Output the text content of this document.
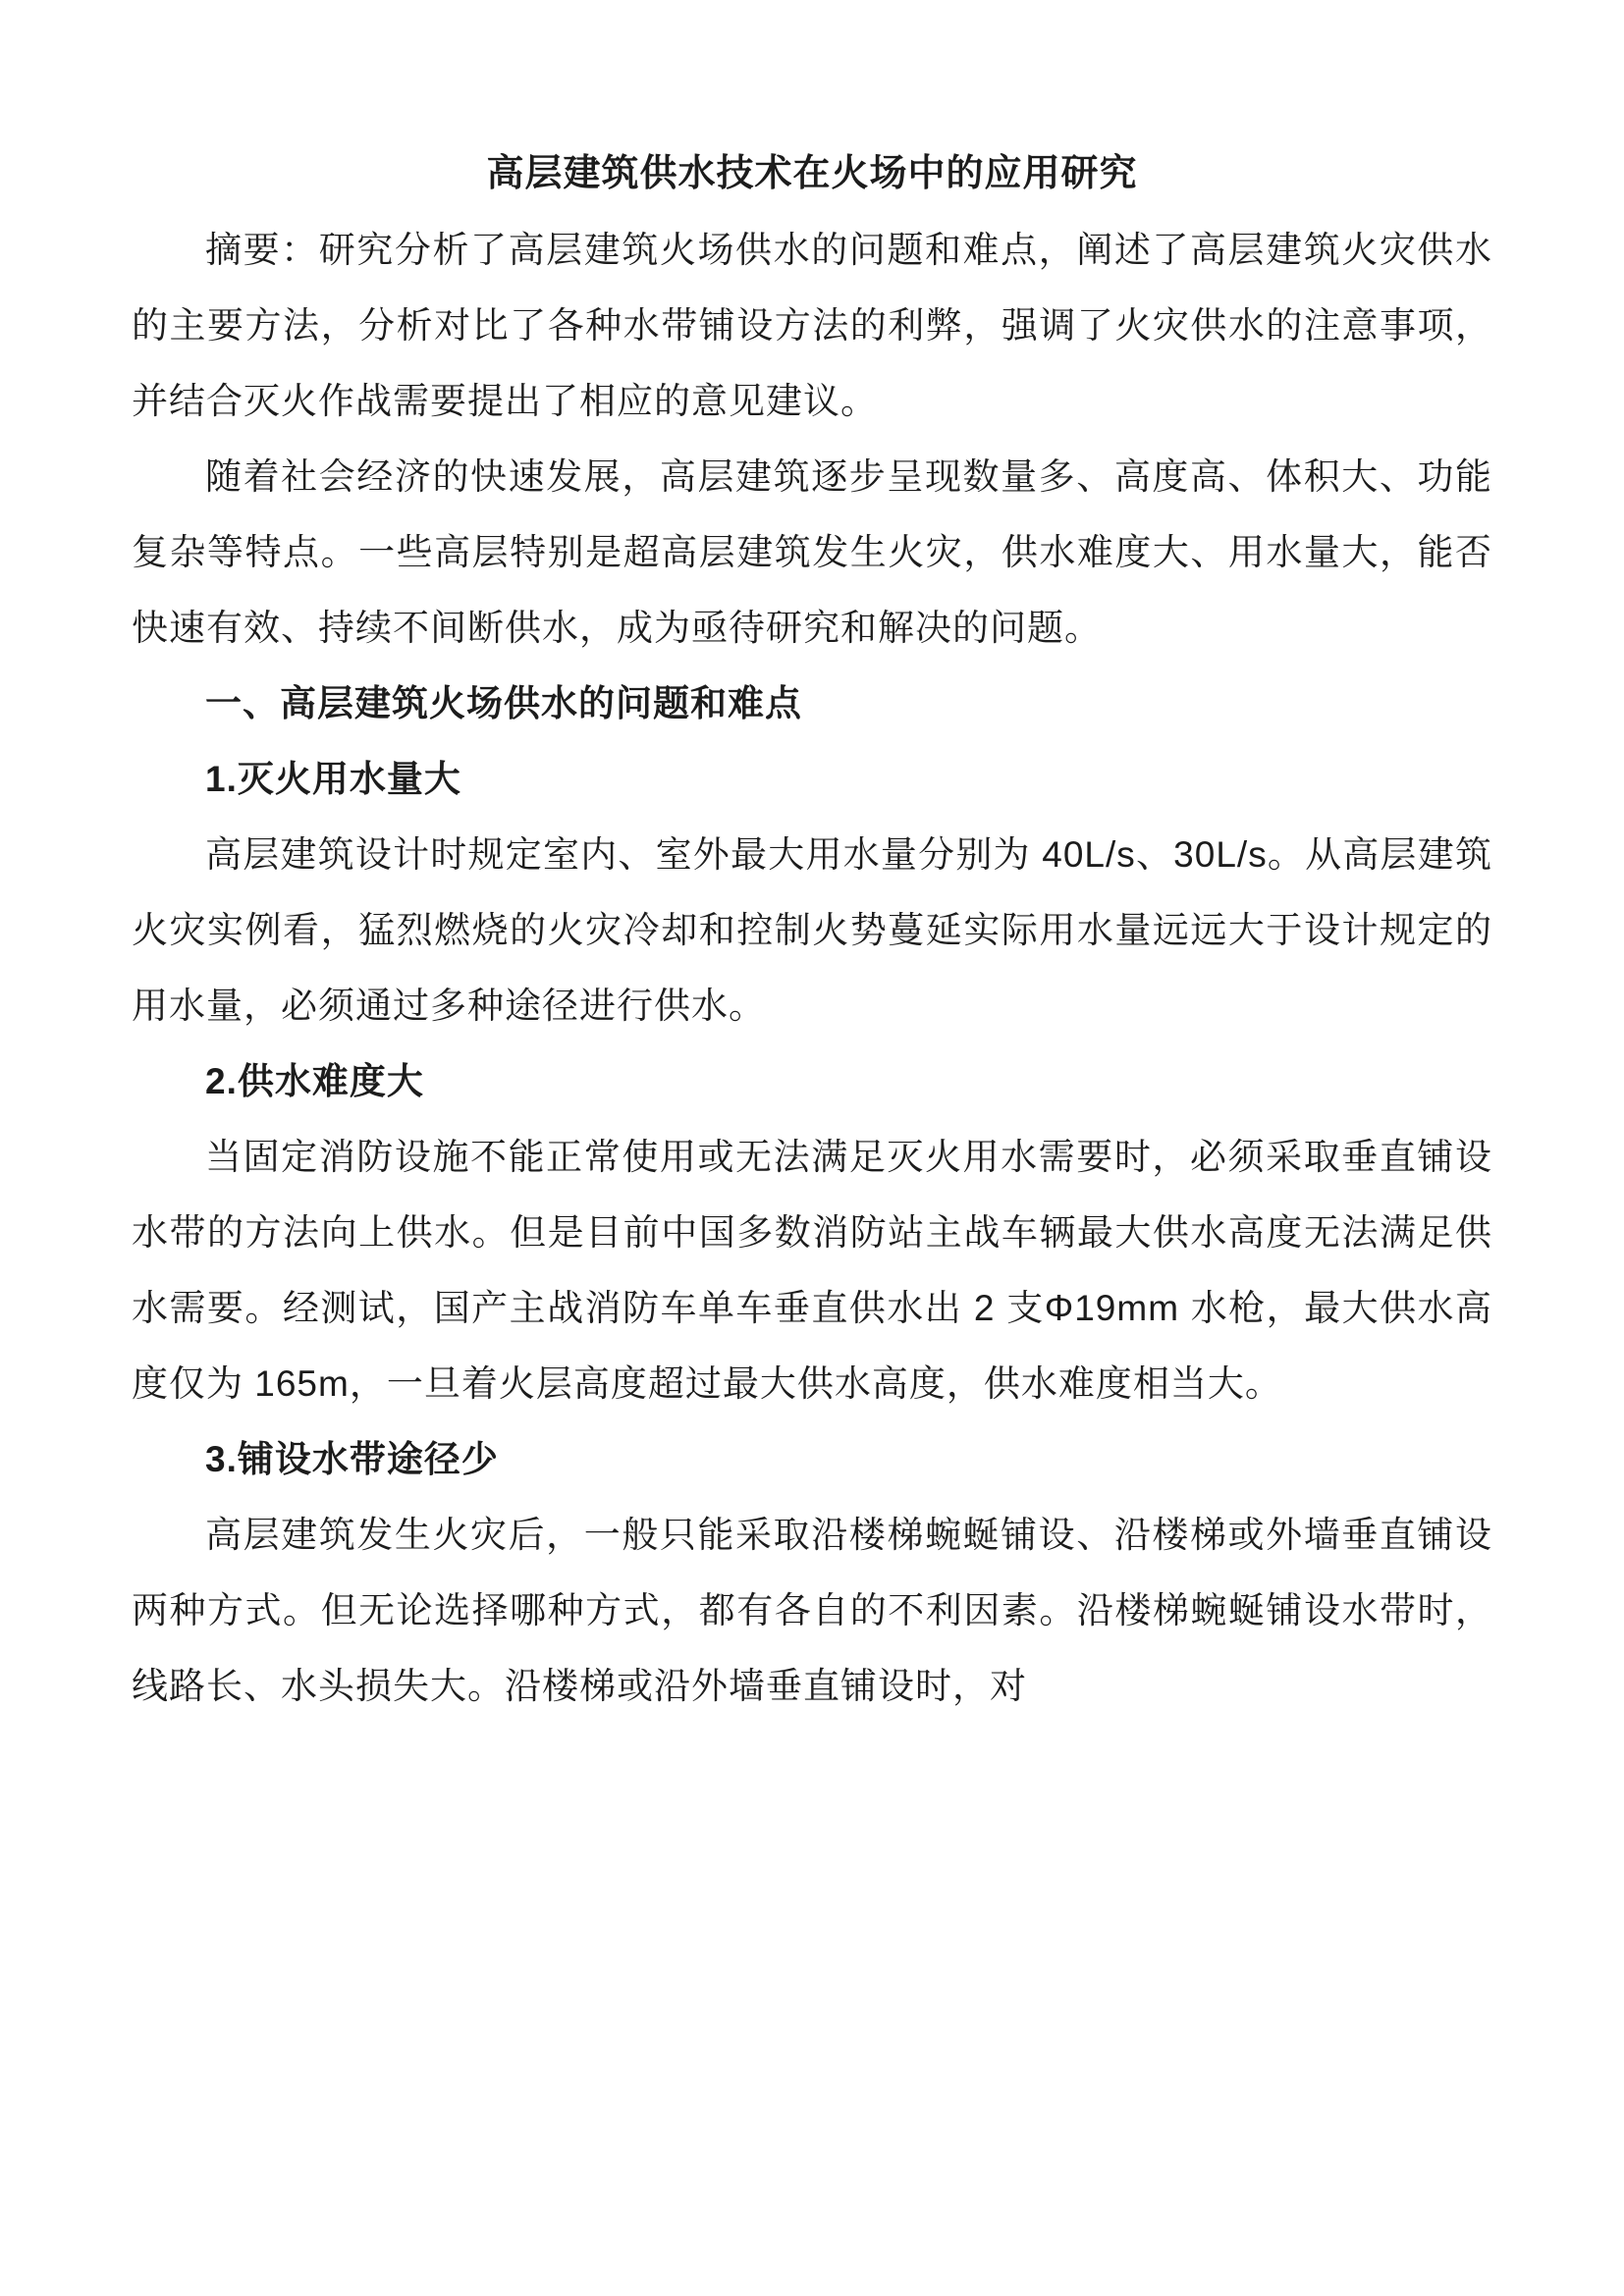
高层建筑供水技术在火场中的应用研究

摘要：研究分析了高层建筑火场供水的问题和难点，阐述了高层建筑火灾供水的主要方法，分析对比了各种水带铺设方法的利弊，强调了火灾供水的注意事项，并结合灭火作战需要提出了相应的意见建议。

随着社会经济的快速发展，高层建筑逐步呈现数量多、高度高、体积大、功能复杂等特点。一些高层特别是超高层建筑发生火灾，供水难度大、用水量大，能否快速有效、持续不间断供水，成为亟待研究和解决的问题。

一、高层建筑火场供水的问题和难点
1.灭火用水量大

高层建筑设计时规定室内、室外最大用水量分别为 40L/s、30L/s。从高层建筑火灾实例看，猛烈燃烧的火灾冷却和控制火势蔓延实际用水量远远大于设计规定的用水量，必须通过多种途径进行供水。

2.供水难度大

当固定消防设施不能正常使用或无法满足灭火用水需要时，必须采取垂直铺设水带的方法向上供水。但是目前中国多数消防站主战车辆最大供水高度无法满足供水需要。经测试，国产主战消防车单车垂直供水出 2 支Φ19mm 水枪，最大供水高度仅为 165m，一旦着火层高度超过最大供水高度，供水难度相当大。

3.铺设水带途径少

高层建筑发生火灾后，一般只能采取沿楼梯蜿蜒铺设、沿楼梯或外墙垂直铺设两种方式。但无论选择哪种方式，都有各自的不利因素。沿楼梯蜿蜒铺设水带时，线路长、水头损失大。沿楼梯或沿外墙垂直铺设时，对
